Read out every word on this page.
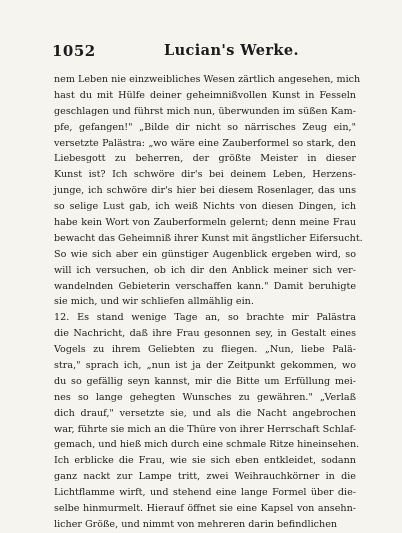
1052	Lucian's Werke.
nem Leben nie einzweibliches Wesen zärtlich angesehen, mich
hast du mit Hülfe deiner geheimnißvollen Kunst in Fesseln
geschlagen und führst mich nun, überwunden im süßen Kam-
pfe, gefangen!" „Bilde dir nicht so närrisches Zeug ein,"
versetzte Palästra: „wo wäre eine Zauberformel so stark, den
Liebesgott zu beherren, der größte Meister in dieser
Kunst ist? Ich schwöre dir's bei deinem Leben, Herzens-
junge, ich schwöre dir's hier bei diesem Rosenlager, das uns
so selige Lust gab, ich weiß Nichts von diesen Dingen, ich
habe kein Wort von Zauberformeln gelernt; denn meine Frau
bewacht das Geheimniß ihrer Kunst mit ängstlicher Eifersucht.
So wie sich aber ein günstiger Augenblick ergeben wird, so
will ich versuchen, ob ich dir den Anblick meiner sich ver-
wandelnden Gebieterin verschaffen kann." Damit beruhigte
sie mich, und wir schliefen allmählig ein.
12. Es stand wenige Tage an, so brachte mir Palästra
die Nachricht, daß ihre Frau gesonnen sey, in Gestalt eines
Vogels zu ihrem Geliebten zu fliegen. „Nun, liebe Palä-
stra," sprach ich, „nun ist ja der Zeitpunkt gekommen, wo
du so gefällig seyn kannst, mir die Bitte um Erfüllung mei-
nes so lange gehegten Wunsches zu gewähren." „Verlaß
dich drauf," versetzte sie, und als die Nacht angebrochen
war, führte sie mich an die Thüre von ihrer Herrschaft Schlaf-
gemach, und hieß mich durch eine schmale Ritze hineinsehen.
Ich erblicke die Frau, wie sie sich eben entkleidet, sodann
ganz nackt zur Lampe tritt, zwei Weihrauchkörner in die
Lichtflamme wirft, und stehend eine lange Formel über die-
selbe hinmurmelt. Hierauf öffnet sie eine Kapsel von ansehn-
licher Größe, und nimmt von mehreren darin befindlichen
